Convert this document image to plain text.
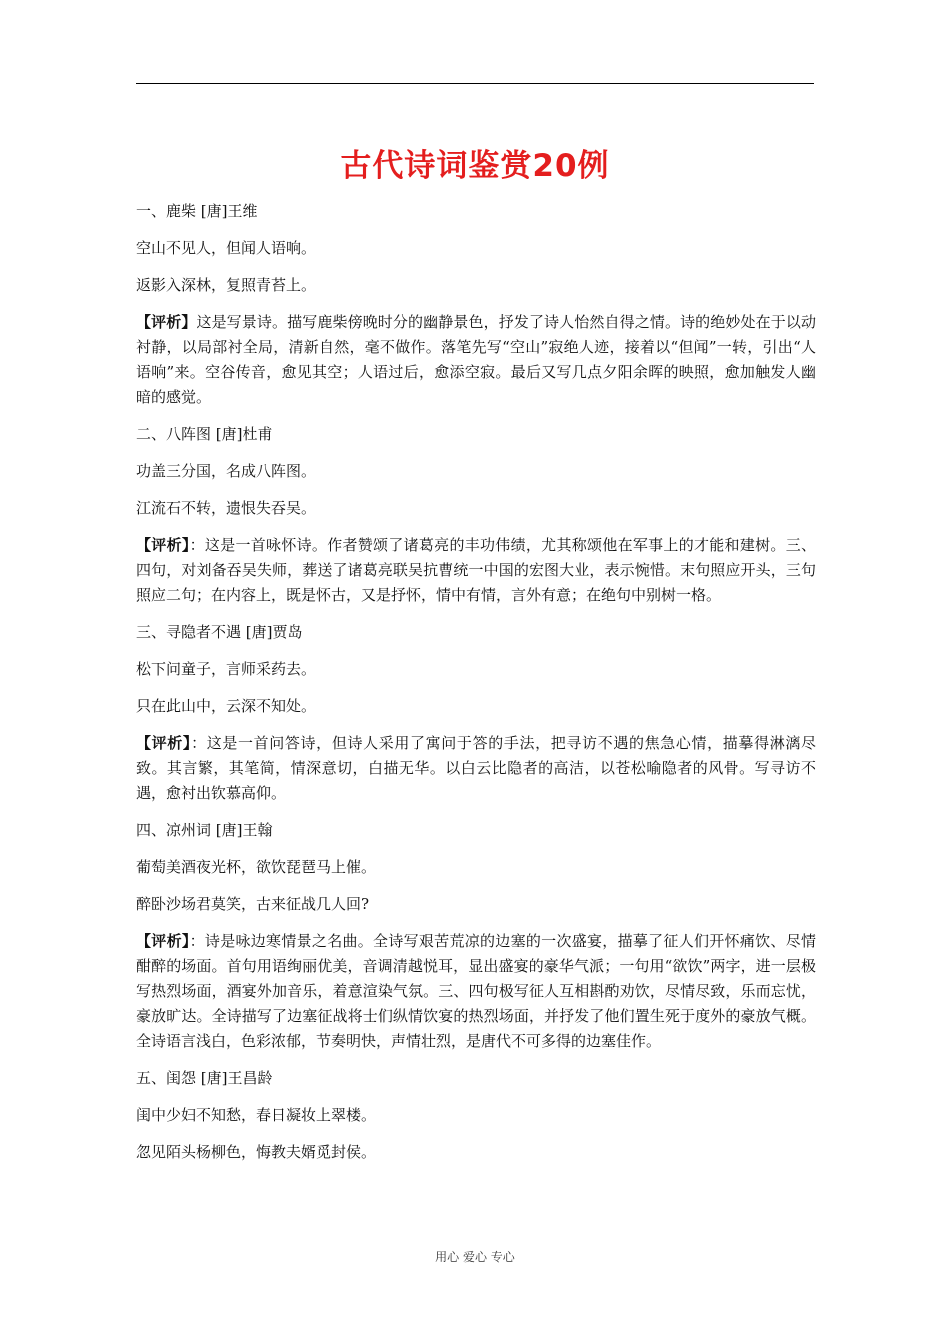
古代诗词鉴赏20例

一、鹿柴 [唐]王维

空山不见人，但闻人语响。

返影入深林，复照青苔上。

【评析】这是写景诗。描写鹿柴傍晚时分的幽静景色，抒发了诗人怡然自得之情。诗的绝妙处在于以动衬静，以局部衬全局，清新自然，毫不做作。落笔先写“空山”寂绝人迹，接着以“但闻”一转，引出“人语响”来。空谷传音，愈见其空；人语过后，愈添空寂。最后又写几点夕阳余晖的映照，愈加触发人幽暗的感觉。

二、八阵图 [唐]杜甫

功盖三分国，名成八阵图。

江流石不转，遗恨失吞吴。

【评析】：这是一首咏怀诗。作者赞颂了诸葛亮的丰功伟绩，尤其称颂他在军事上的才能和建树。三、四句，对刘备吞吴失师，葬送了诸葛亮联吴抗曹统一中国的宏图大业，表示惋惜。末句照应开头，三句照应二句；在内容上，既是怀古，又是抒怀，情中有情，言外有意；在绝句中别树一格。

三、寻隐者不遇 [唐]贾岛

松下问童子，言师采药去。

只在此山中，云深不知处。

【评析】：这是一首问答诗，但诗人采用了寓问于答的手法，把寻访不遇的焦急心情，描摹得淋漓尽致。其言繁，其笔简，情深意切，白描无华。以白云比隐者的高洁，以苍松喻隐者的风骨。写寻访不遇，愈衬出钦慕高仰。

四、凉州词 [唐]王翰

葡萄美酒夜光杯，欲饮琵琶马上催。

醉卧沙场君莫笑，古来征战几人回?

【评析】：诗是咏边寒情景之名曲。全诗写艰苦荒凉的边塞的一次盛宴，描摹了征人们开怀痛饮、尽情酣醉的场面。首句用语绚丽优美，音调清越悦耳，显出盛宴的豪华气派；一句用“欲饮”两字，进一层极写热烈场面，酒宴外加音乐，着意渲染气氛。三、四句极写征人互相斟酌劝饮，尽情尽致，乐而忘忧，豪放旷达。全诗描写了边塞征战将士们纵情饮宴的热烈场面，并抒发了他们置生死于度外的豪放气概。全诗语言浅白，色彩浓郁，节奏明快，声情壮烈，是唐代不可多得的边塞佳作。

五、闺怨 [唐]王昌龄

闺中少妇不知愁，春日凝妆上翠楼。

忽见陌头杨柳色，悔教夫婿觅封侯。

用心 爱心 专心
